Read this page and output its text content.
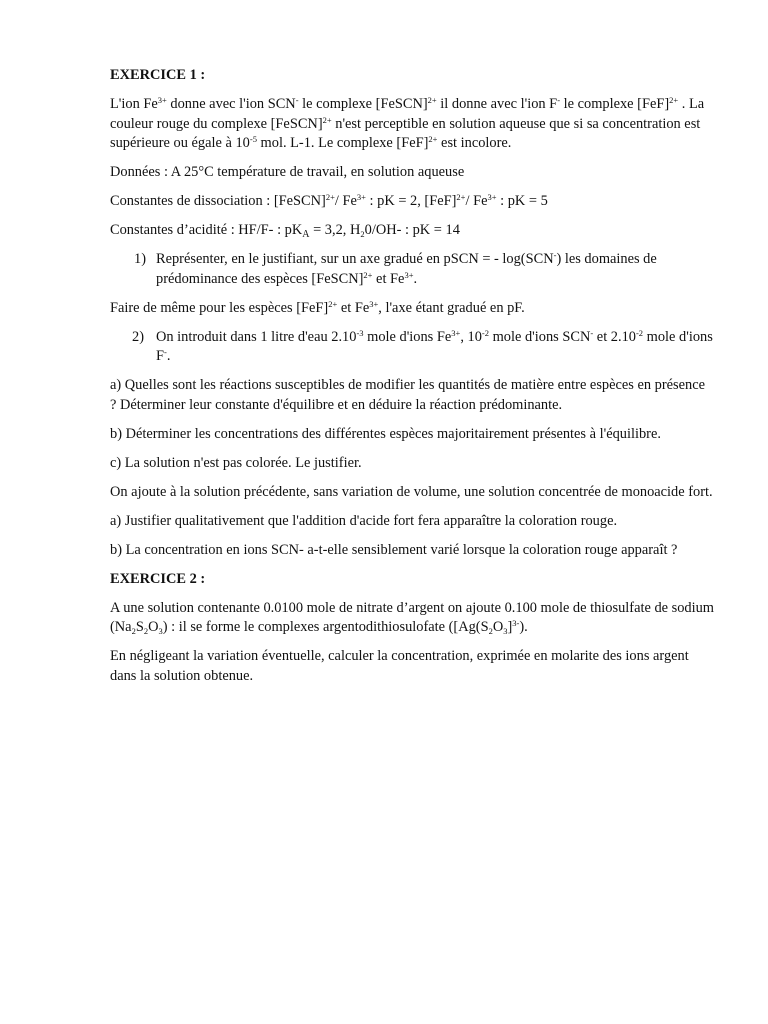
EXERCICE 1 :

L'ion $Fe^{3+}$ donne avec l'ion SCN- le complexe [FeSCN]$^{2+}$ il donne avec l'ion F- le complexe [FeF]$^{2+}$ . La couleur rouge du complexe [FeSCN]$^{2+}$ n'est perceptible en solution aqueuse que si sa concentration est supérieure ou égale à $10^{-5}$ mol. L-1. Le complexe [FeF]$^{2+}$ est incolore.

Données : A 25°C température de travail, en solution aqueuse

Constantes de dissociation : [FeSCN]$^{2+}$/ $Fe^{3+}$ : pK = 2, [FeF]$^{2+}$/ $Fe^{3+}$ : pK = 5

Constantes d’acidité : HF/F- : $pK_A = 3,2$, $H_20/OH-$ : pK = 14

1) Représenter, en le justifiant, sur un axe gradué en pSCN = - log(SCN-) les domaines de prédominance des espèces [FeSCN]$^{2+}$ et $Fe^{3+}$.

Faire de même pour les espèces [FeF]$^{2+}$ et $Fe^{3+}$, l'axe étant gradué en pF.

2) On introduit dans 1 litre d'eau $2.10^{-3}$ mole d'ions $Fe^{3+}$, $10^{-2}$ mole d'ions SCN- et $2.10^{-2}$ mole d'ions F-.

a) Quelles sont les réactions susceptibles de modifier les quantités de matière entre espèces en présence ? Déterminer leur constante d'équilibre et en déduire la réaction prédominante.

b) Déterminer les concentrations des différentes espèces majoritairement présentes à l'équilibre.

c) La solution n'est pas colorée. Le justifier.

On ajoute à la solution précédente, sans variation de volume, une solution concentrée de monoacide fort.

a) Justifier qualitativement que l'addition d'acide fort fera apparaître la coloration rouge.

b) La concentration en ions SCN- a-t-elle sensiblement varié lorsque la coloration rouge apparaît ?

EXERCICE 2 :

A une solution contenante 0.0100 mole de nitrate d’argent on ajoute 0.100 mole de thiosulfate de sodium $(Na_2S_2O_3)$ : il se forme le complexes argentodithiosulofate ($[Ag(S_2O_3]^{3-})$.

En négligeant la variation éventuelle, calculer la concentration, exprimée en molarite des ions argent dans la solution obtenue.
